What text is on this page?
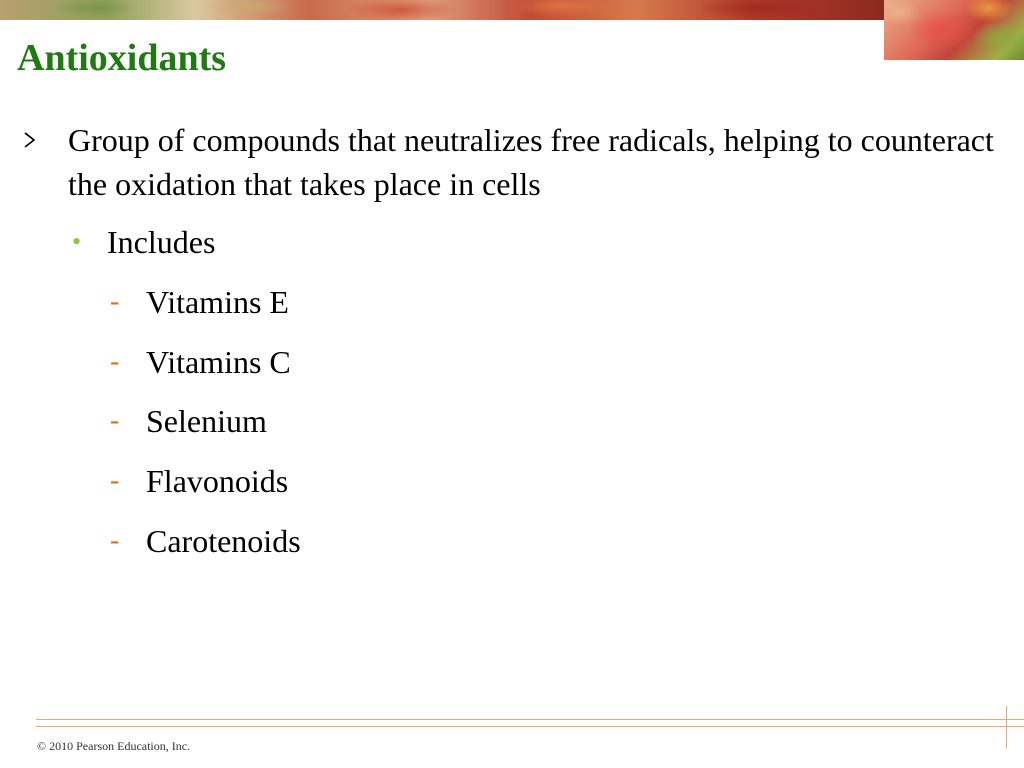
Antioxidants
Group of compounds that neutralizes free radicals, helping to counteract the oxidation that takes place in cells
• Includes
- Vitamins E
- Vitamins C
- Selenium
- Flavonoids
- Carotenoids
© 2010 Pearson Education, Inc.
